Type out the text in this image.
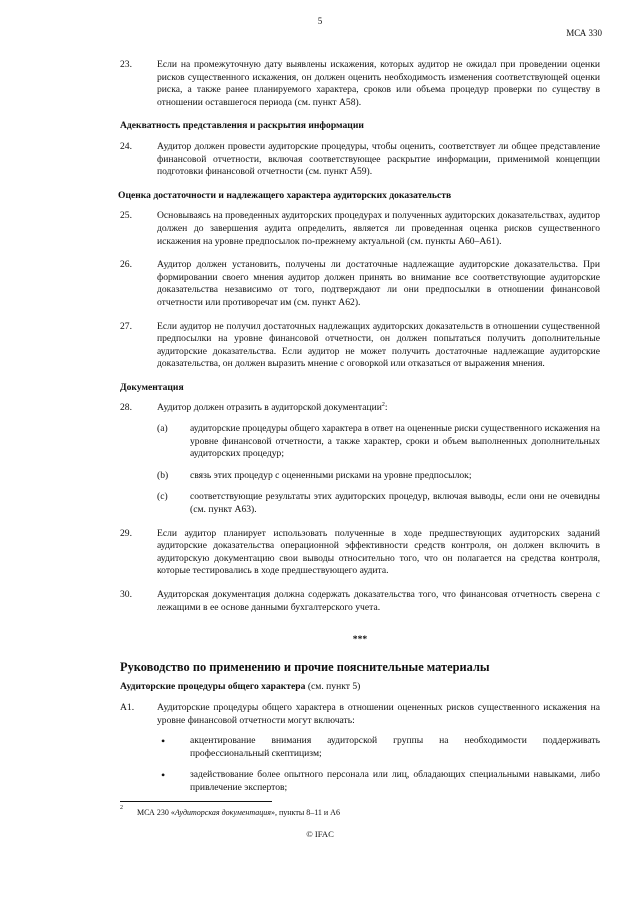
5
МСА 330
23.	Если на промежуточную дату выявлены искажения, которых аудитор не ожидал при проведении оценки рисков существенного искажения, он должен оценить необходимость изменения соответствующей оценки риска, а также ранее планируемого характера, сроков или объема процедур проверки по существу в отношении оставшегося периода (см. пункт A58).
Адекватность представления и раскрытия информации
24.	Аудитор должен провести аудиторские процедуры, чтобы оценить, соответствует ли общее представление финансовой отчетности, включая соответствующее раскрытие информации, применимой концепции подготовки финансовой отчетности (см. пункт A59).
Оценка достаточности и надлежащего характера аудиторских доказательств
25.	Основываясь на проведенных аудиторских процедурах и полученных аудиторских доказательствах, аудитор должен до завершения аудита определить, является ли проведенная оценка рисков существенного искажения на уровне предпосылок по-прежнему актуальной (см. пункты A60–A61).
26.	Аудитор должен установить, получены ли достаточные надлежащие аудиторские доказательства. При формировании своего мнения аудитор должен принять во внимание все соответствующие аудиторские доказательства независимо от того, подтверждают ли они предпосылки в отношении финансовой отчетности или противоречат им (см. пункт A62).
27.	Если аудитор не получил достаточных надлежащих аудиторских доказательств в отношении существенной предпосылки на уровне финансовой отчетности, он должен попытаться получить дополнительные аудиторские доказательства. Если аудитор не может получить достаточные надлежащие аудиторские доказательства, он должен выразить мнение с оговоркой или отказаться от выражения мнения.
Документация
28.	Аудитор должен отразить в аудиторской документации$^2$:
(a) аудиторские процедуры общего характера в ответ на оцененные риски существенного искажения на уровне финансовой отчетности, а также характер, сроки и объем выполненных дополнительных аудиторских процедур;
(b) связь этих процедур с оцененными рисками на уровне предпосылок;
(c) соответствующие результаты этих аудиторских процедур, включая выводы, если они не очевидны (см. пункт A63).
29.	Если аудитор планирует использовать полученные в ходе предшествующих аудиторских заданий аудиторские доказательства операционной эффективности средств контроля, он должен включить в аудиторскую документацию свои выводы относительно того, что он полагается на средства контроля, которые тестировались в ходе предшествующего аудита.
30.	Аудиторская документация должна содержать доказательства того, что финансовая отчетность сверена с лежащими в ее основе данными бухгалтерского учета.
***
Руководство по применению и прочие пояснительные материалы
Аудиторские процедуры общего характера (см. пункт 5)
A1. Аудиторские процедуры общего характера в отношении оцененных рисков существенного искажения на уровне финансовой отчетности могут включать:
•	акцентирование внимания аудиторской группы на необходимости поддерживать профессиональный скептицизм;
•	задействование более опытного персонала или лиц, обладающих специальными навыками, либо привлечение экспертов;
2	МСА 230 «Аудиторская документация», пункты 8–11 и A6
© IFAC
